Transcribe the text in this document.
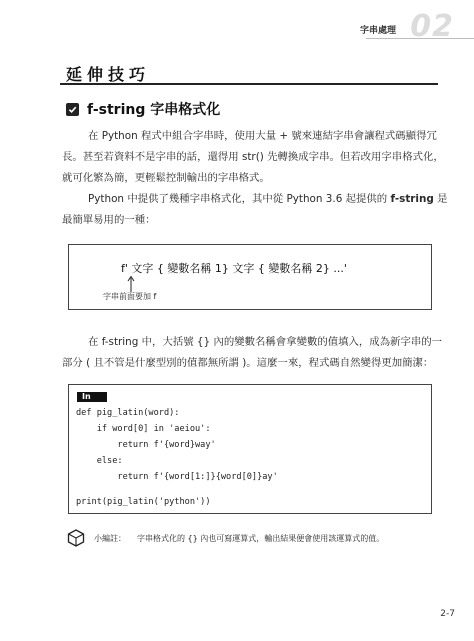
字串處理 02
延伸技巧
f-string 字串格式化

在 Python 程式中組合字串時，使用大量 + 號來連結字串會讓程式碼顯得冗

長。甚至若資料不是字串的話，還得用 str() 先轉換成字串。但若改用字串格式化，

就可化繁為簡，更輕鬆控制輸出的字串格式。

Python 中提供了幾種字串格式化，其中從 Python 3.6 起提供的 f-string 是

最簡單易用的一種：

f' 文字 { 變數名稱 1} 文字 { 變數名稱 2} ...'
字串前面要加 f

在 f-string 中，大括號 {} 內的變數名稱會拿變數的值填入，成為新字串的一

部分 ( 且不管是什麼型別的值都無所謂 )。這麼一來，程式碼自然變得更加簡潔：

In
def pig_latin(word):
if word[0] in 'aeiou':
return f'{word}way'
else:
return f'{word[1:]}{word[0]}ay'
print(pig_latin('python'))
小編註： 字串格式化的 {} 內也可寫運算式，輸出結果便會使用該運算式的值。
2-7
